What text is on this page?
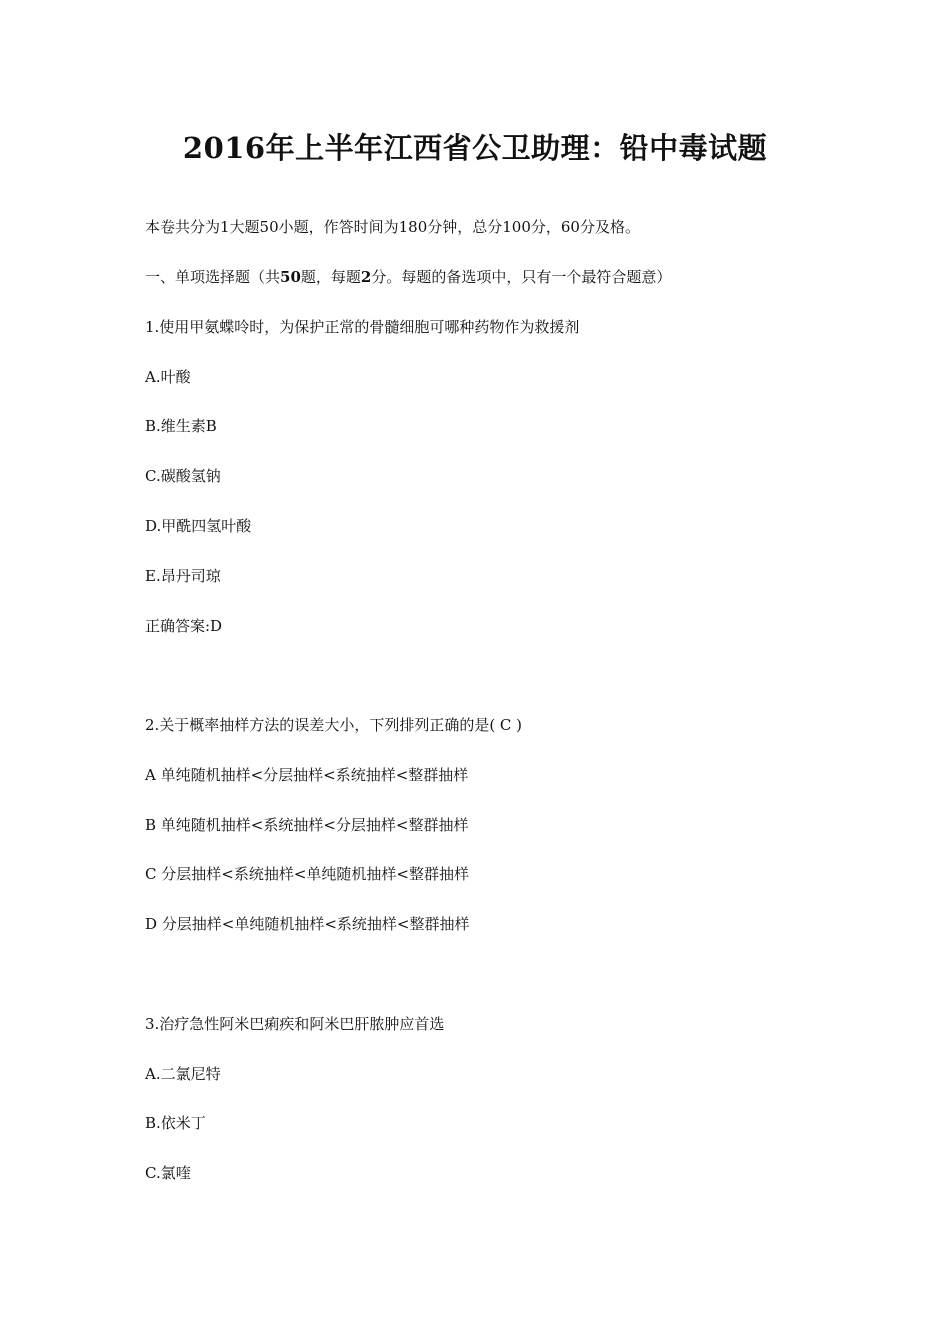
2016年上半年江西省公卫助理：铅中毒试题

本卷共分为1大题50小题，作答时间为180分钟，总分100分，60分及格。

一、单项选择题（共50题，每题2分。每题的备选项中，只有一个最符合题意）

1.使用甲氨蝶呤时，为保护正常的骨髓细胞可哪种药物作为救援剂

A.叶酸

B.维生素B

C.碳酸氢钠

D.甲酰四氢叶酸

E.昂丹司琼

正确答案:D

2.关于概率抽样方法的误差大小，下列排列正确的是( C )

A 单纯随机抽样<分层抽样<系统抽样<整群抽样

B 单纯随机抽样<系统抽样<分层抽样<整群抽样

C 分层抽样<系统抽样<单纯随机抽样<整群抽样

D 分层抽样<单纯随机抽样<系统抽样<整群抽样

3.治疗急性阿米巴痢疾和阿米巴肝脓肿应首选

A.二氯尼特

B.依米丁

C.氯喹
